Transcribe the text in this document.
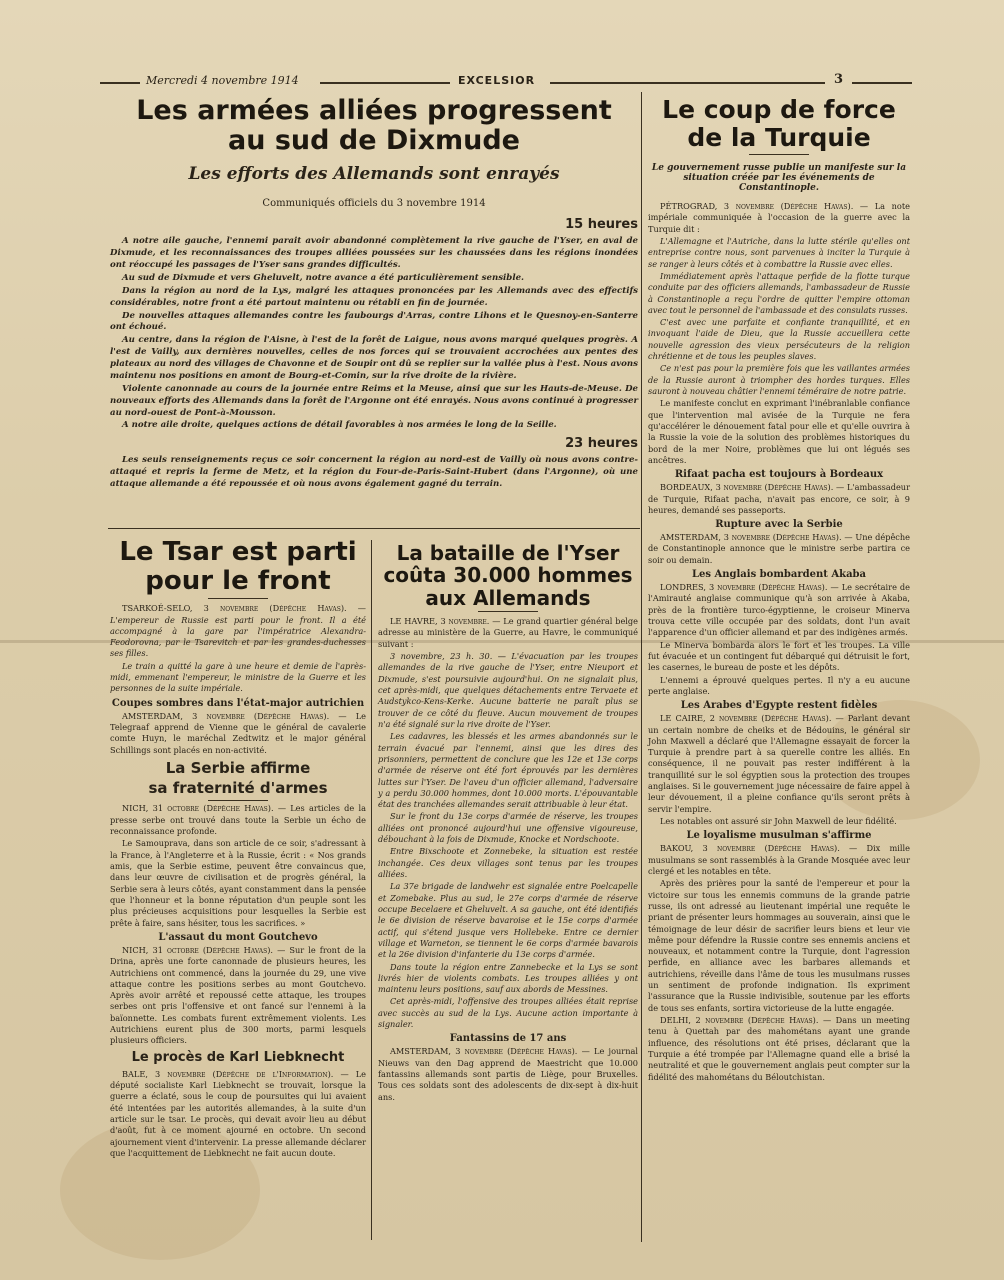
Mercredi 4 novembre 1914	EXCELSIOR	3
Les armées alliées progressent
au sud de Dixmude
Les efforts des Allemands sont enrayés
Communiqués officiels du 3 novembre 1914
15 heures

A notre aile gauche, l'ennemi parait avoir abandonné complètement la rive gauche de l'Yser, en aval de Dixmude, et les reconnaissances des troupes alliées poussées sur les chaussées dans les régions inondées ont réoccupé les passages de l'Yser sans grandes difficultés.

Au sud de Dixmude et vers Gheluvelt, notre avance a été particulièrement sensible.

Dans la région au nord de la Lys, malgré les attaques prononcées par les Allemands avec des effectifs considérables, notre front a été partout maintenu ou rétabli en fin de journée.

De nouvelles attaques allemandes contre les faubourgs d'Arras, contre Lihons et le Quesnoy-en-Santerre ont échoué.

Au centre, dans la région de l'Aisne, à l'est de la forêt de Laigue, nous avons marqué quelques progrès. A l'est de Vailly, aux dernières nouvelles, celles de nos forces qui se trouvaient accrochées aux pentes des plateaux au nord des villages de Chavonne et de Soupir ont dû se replier sur la vallée plus à l'est. Nous avons maintenu nos positions en amont de Bourg-et-Comin, sur la rive droite de la rivière.

Violente canonnade au cours de la journée entre Reims et la Meuse, ainsi que sur les Hauts-de-Meuse. De nouveaux efforts des Allemands dans la forêt de l'Argonne ont été enrayés. Nous avons continué à progresser au nord-ouest de Pont-à-Mousson.

A notre aile droite, quelques actions de détail favorables à nos armées le long de la Seille.

23 heures

Les seuls renseignements reçus ce soir concernent la région au nord-est de Vailly où nous avons contre-attaqué et repris la ferme de Metz, et la région du Four-de-Paris-Saint-Hubert (dans l'Argonne), où une attaque allemande a été repoussée et où nous avons également gagné du terrain.

Le coup de force
de la Turquie
Le gouvernement russe publie un manifeste sur la situation créée par les événements de Constantinople.

PÉTROGRAD, 3 novembre (Dépêche Havas). — La note impériale communiquée à l'occasion de la guerre avec la Turquie dit :

L'Allemagne et l'Autriche, dans la lutte stérile qu'elles ont entreprise contre nous, sont parvenues à inciter la Turquie à se ranger à leurs côtés et à combattre la Russie avec elles.

Immédiatement après l'attaque perfide de la flotte turque conduite par des officiers allemands, l'ambassadeur de Russie à Constantinople a reçu l'ordre de quitter l'empire ottoman avec tout le personnel de l'ambassade et des consulats russes.

C'est avec une parfaite et confiante tranquillité, et en invoquant l'aide de Dieu, que la Russie accueillera cette nouvelle agression des vieux persécuteurs de la religion chrétienne et de tous les peuples slaves.

Ce n'est pas pour la première fois que les vaillantes armées de la Russie auront à triompher des hordes turques. Elles sauront à nouveau châtier l'ennemi téméraire de notre patrie.

Le manifeste conclut en exprimant l'inébranlable confiance que l'intervention mal avisée de la Turquie ne fera qu'accélérer le dénouement fatal pour elle et qu'elle ouvrira à la Russie la voie de la solution des problèmes historiques du bord de la mer Noire, problèmes que lui ont légués ses ancêtres.

Rifaat pacha est toujours à Bordeaux

BORDEAUX, 3 novembre (Dépêche Havas). — L'ambassadeur de Turquie, Rifaat pacha, n'avait pas encore, ce soir, à 9 heures, demandé ses passeports.

Rupture avec la Serbie

AMSTERDAM, 3 novembre (Dépêche Havas). — Une dépêche de Constantinople annonce que le ministre serbe partira ce soir ou demain.

Les Anglais bombardent Akaba

LONDRES, 3 novembre (Dépêche Havas). — Le secrétaire de l'Amirauté anglaise communique qu'à son arrivée à Akaba, près de la frontière turco-égyptienne, le croiseur Minerva trouva cette ville occupée par des soldats, dont l'un avait l'apparence d'un officier allemand et par des indigènes armés.

Le Minerva bombarda alors le fort et les troupes. La ville fut évacuée et un contingent fut débarqué qui détruisit le fort, les casernes, le bureau de poste et les dépôts.

L'ennemi a éprouvé quelques pertes. Il n'y a eu aucune perte anglaise.

Les Arabes d'Egypte restent fidèles

LE CAIRE, 2 novembre (Dépêche Havas). — Parlant devant un certain nombre de cheiks et de Bédouins, le général sir John Maxwell a déclaré que l'Allemagne essayait de forcer la Turquie à prendre part à sa querelle contre les alliés. En conséquence, il ne pouvait pas rester indifférent à la tranquillité sur le sol égyptien sous la protection des troupes anglaises. Si le gouvernement juge nécessaire de faire appel à leur dévouement, il a pleine confiance qu'ils seront prêts à servir l'empire.

Les notables ont assuré sir John Maxwell de leur fidélité.

Le loyalisme musulman s'affirme

BAKOU, 3 novembre (Dépêche Havas). — Dix mille musulmans se sont rassemblés à la Grande Mosquée avec leur clergé et les notables en tête.

Après des prières pour la santé de l'empereur et pour la victoire sur tous les ennemis communs de la grande patrie russe, ils ont adressé au lieutenant impérial une requête le priant de présenter leurs hommages au souverain, ainsi que le témoignage de leur désir de sacrifier leurs biens et leur vie même pour défendre la Russie contre ses ennemis anciens et nouveaux, et notamment contre la Turquie, dont l'agression perfide, en alliance avec les barbares allemands et autrichiens, réveille dans l'âme de tous les musulmans russes un sentiment de profonde indignation. Ils expriment l'assurance que la Russie indivisible, soutenue par les efforts de tous ses enfants, sortira victorieuse de la lutte engagée.

DELHI, 2 novembre (Dépêche Havas). — Dans un meeting tenu à Quettah par des mahométans ayant une grande influence, des résolutions ont été prises, déclarant que la Turquie a été trompée par l'Allemagne quand elle a brisé la neutralité et que le gouvernement anglais peut compter sur la fidélité des mahométans du Béloutchistan.

Le Tsar est parti
pour le front

TSARKOÉ-SELO, 3 novembre (Dépêche Havas). — L'empereur de Russie est parti pour le front. Il a été accompagné à la gare par l'impératrice Alexandra-Feodorovna, par le Tsarevitch et par les grandes-duchesses ses filles.

Le train a quitté la gare à une heure et demie de l'après-midi, emmenant l'empereur, le ministre de la Guerre et les personnes de la suite impériale.

Coupes sombres dans l'état-major autrichien

AMSTERDAM, 3 novembre (Dépêche Havas). — Le Telegraaf apprend de Vienne que le général de cavalerie comte Huyn, le maréchal Zedtwitz et le major général Schillings sont placés en non-activité.

La Serbie affirme
sa fraternité d'armes

NICH, 31 octobre (Dépêche Havas). — Les articles de la presse serbe ont trouvé dans toute la Serbie un écho de reconnaissance profonde.

Le Samouprava, dans son article de ce soir, s'adressant à la France, à l'Angleterre et à la Russie, écrit : « Nos grands amis, que la Serbie estime, peuvent être convaincus que, dans leur œuvre de civilisation et de progrès général, la Serbie sera à leurs côtés, ayant constamment dans la pensée que l'honneur et la bonne réputation d'un peuple sont les plus précieuses acquisitions pour lesquelles la Serbie est prête à faire, sans hésiter, tous les sacrifices. »

L'assaut du mont Goutchevo

NICH, 31 octobre (Dépêche Havas). — Sur le front de la Drina, après une forte canonnade de plusieurs heures, les Autrichiens ont commencé, dans la journée du 29, une vive attaque contre les positions serbes au mont Goutchevo. Après avoir arrêté et repoussé cette attaque, les troupes serbes ont pris l'offensive et ont fancé sur l'ennemi à la baïonnette. Les combats furent extrêmement violents. Les Autrichiens eurent plus de 300 morts, parmi lesquels plusieurs officiers.

Le procès de Karl Liebknecht

BALE, 3 novembre (Dépêche de l'Information). — Le député socialiste Karl Liebknecht se trouvait, lorsque la guerre a éclaté, sous le coup de poursuites qui lui avaient été intentées par les autorités allemandes, à la suite d'un article sur le tsar. Le procès, qui devait avoir lieu au début d'août, fut à ce moment ajourné en octobre. Un second ajournement vient d'intervenir. La presse allemande déclarer que l'acquittement de Liebknecht ne fait aucun doute.

La bataille de l'Yser
coûta 30.000 hommes
aux Allemands

LE HAVRE, 3 novembre. — Le grand quartier général belge adresse au ministère de la Guerre, au Havre, le communiqué suivant :

3 novembre, 23 h. 30. — L'évacuation par les troupes allemandes de la rive gauche de l'Yser, entre Nieuport et Dixmude, s'est poursuivie aujourd'hui. On ne signalait plus, cet après-midi, que quelques détachements entre Tervaete et Audstykco-Kens-Kerke. Aucune batterie ne paraît plus se trouver de ce côté du fleuve. Aucun mouvement de troupes n'a été signalé sur la rive droite de l'Yser.

Les cadavres, les blessés et les armes abandonnés sur le terrain évacué par l'ennemi, ainsi que les dires des prisonniers, permettent de conclure que les 12e et 13e corps d'armée de réserve ont été fort éprouvés par les dernières luttes sur l'Yser. De l'aveu d'un officier allemand, l'adversaire y a perdu 30.000 hommes, dont 10.000 morts. L'épouvantable état des tranchées allemandes serait attribuable à leur état.

Sur le front du 13e corps d'armée de réserve, les troupes alliées ont prononcé aujourd'hui une offensive vigoureuse, débouchant à la fois de Dixmude, Knocke et Nordschoote.

Entre Bixschoote et Zonnebeke, la situation est restée inchangée. Ces deux villages sont tenus par les troupes alliées.

La 37e brigade de landwehr est signalée entre Poelcapelle et Zomebake. Plus au sud, le 27e corps d'armée de réserve occupe Becelaere et Gheluvelt. A sa gauche, ont été identifiés le 6e division de réserve bavaroise et le 15e corps d'armée actif, qui s'étend jusque vers Hollebeke. Entre ce dernier village et Warneton, se tiennent le 6e corps d'armée bavarois et la 26e division d'infanterie du 13e corps d'armée.

Dans toute la région entre Zannebecke et la Lys se sont livrés hier de violents combats. Les troupes alliées y ont maintenu leurs positions, sauf aux abords de Messines.

Cet après-midi, l'offensive des troupes alliées était reprise avec succès au sud de la Lys. Aucune action importante à signaler.

Fantassins de 17 ans

AMSTERDAM, 3 novembre (Dépêche Havas). — Le journal Nieuws van den Dag apprend de Maestricht que 10.000 fantassins allemands sont partis de Liège, pour Bruxelles. Tous ces soldats sont des adolescents de dix-sept à dix-huit ans.
